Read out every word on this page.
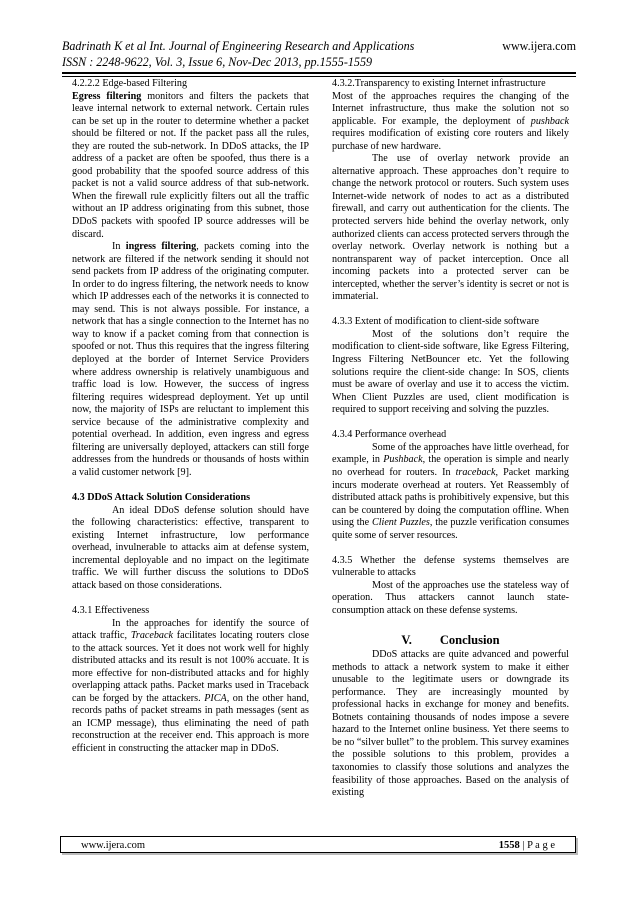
Badrinath K et al Int. Journal of Engineering Research and Applications	www.ijera.com
ISSN : 2248-9622, Vol. 3, Issue 6, Nov-Dec 2013, pp.1555-1559

4.2.2.2 Edge-based Filtering

Egress filtering monitors and filters the packets that leave internal network to external network. Certain rules can be set up in the router to determine whether a packet should be filtered or not. If the packet pass all the rules, they are routed the sub-network. In DDoS attacks, the IP address of a packet are often be spoofed, thus there is a good probability that the spoofed source address of this packet is not a valid source address of that sub-network. When the firewall rule explicitly filters out all the traffic without an IP address originating from this subnet, those DDoS packets with spoofed IP source addresses will be discard.

In ingress filtering, packets coming into the network are filtered if the network sending it should not send packets from IP address of the originating computer. In order to do ingress filtering, the network needs to know which IP addresses each of the networks it is connected to may send. This is not always possible. For instance, a network that has a single connection to the Internet has no way to know if a packet coming from that connection is spoofed or not. Thus this requires that the ingress filtering deployed at the border of Internet Service Providers where address ownership is relatively unambiguous and traffic load is low. However, the success of ingress filtering requires widespread deployment. Yet up until now, the majority of ISPs are reluctant to implement this service because of the administrative complexity and potential overhead. In addition, even ingress and egress filtering are universally deployed, attackers can still forge addresses from the hundreds or thousands of hosts within a valid customer network [9].

4.3 DDoS Attack Solution Considerations

An ideal DDoS defense solution should have the following characteristics: effective, transparent to existing Internet infrastructure, low performance overhead, invulnerable to attacks aim at defense system, incremental deployable and no impact on the legitimate traffic. We will further discuss the solutions to DDoS attack based on those considerations.

4.3.1 Effectiveness

In the approaches for identify the source of attack traffic, Traceback facilitates locating routers close to the attack sources. Yet it does not work well for highly distributed attacks and its result is not 100% accuate. It is more effective for non-distributed attacks and for highly overlapping attack paths. Packet marks used in Traceback can be forged by the attackers. PICA, on the other hand, records paths of packet streams in path messages (sent as an ICMP message), thus eliminating the need of path reconstruction at the receiver end. This approach is more efficient in constructing the attacker map in DDoS.

4.3.2.Transparency to existing Internet infrastructure

Most of the approaches requires the changing of the Internet infrastructure, thus make the solution not so applicable. For example, the deployment of pushback requires modification of existing core routers and likely purchase of new hardware.

The use of overlay network provide an alternative approach. These approaches don’t require to change the network protocol or routers. Such system uses Internet-wide network of nodes to act as a distributed firewall, and carry out authentication for the clients. The protected servers hide behind the overlay network, only authorized clients can access protected servers through the overlay network. Overlay network is nothing but a nontransparent way of packet interception. Once all incoming packets into a protected server can be intercepted, whether the server’s identity is secret or not is immaterial.

4.3.3 Extent of modification to client-side software

Most of the solutions don’t require the modification to client-side software, like Egress Filtering, Ingress Filtering NetBouncer etc. Yet the following solutions require the client-side change: In SOS, clients must be aware of overlay and use it to access the victim. When Client Puzzles are used, client modification is required to support receiving and solving the puzzles.

4.3.4 Performance overhead

Some of the approaches have little overhead, for example, in Pushback, the operation is simple and nearly no overhead for routers. In traceback, Packet marking incurs moderate overhead at routers. Yet Reassembly of distributed attack paths is prohibitively expensive, but this can be countered by doing the computation offline. When using the Client Puzzles, the puzzle verification consumes quite some of server resources.

4.3.5 Whether the defense systems themselves are vulnerable to attacks

Most of the approaches use the stateless way of operation. Thus attackers cannot launch state-consumption attack on these defense systems.

V. Conclusion

DDoS attacks are quite advanced and powerful methods to attack a network system to make it either unusable to the legitimate users or downgrade its performance. They are increasingly mounted by professional hacks in exchange for money and benefits. Botnets containing thousands of nodes impose a severe hazard to the Internet online business. Yet there seems to be no “silver bullet” to the problem. This survey examines the possible solutions to this problem, provides a taxonomies to classify those solutions and analyzes the feasibility of those approaches. Based on the analysis of existing

www.ijera.com	1558 | P a g e
